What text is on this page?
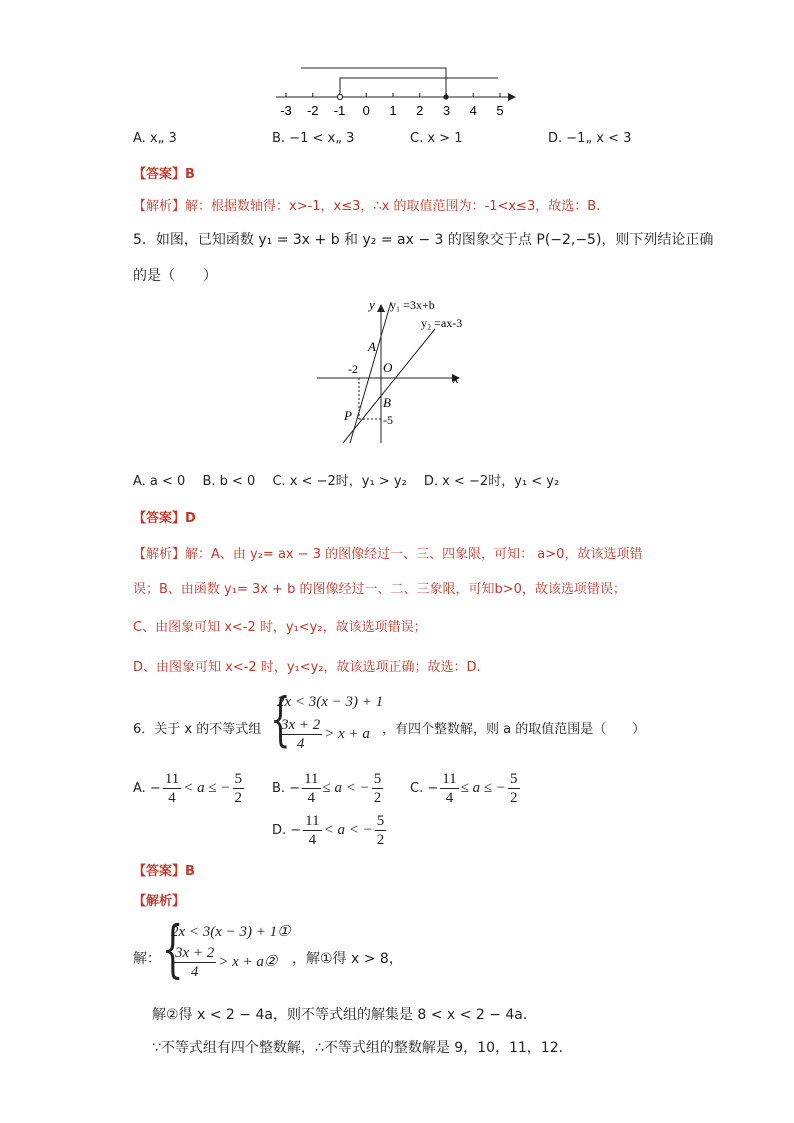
-3 -2 -1 0 1 2 3 4 5
A. x„ 3	B. −1 < x„ 3	C. x > 1	D. −1„ x < 3
【答案】B
【解析】解：根据数轴得：x>-1，x≤3，∴x 的取值范围为：-1<x≤3，故选：B.
5．如图，已知函数 y₁ = 3x + b 和 y₂ = ax − 3 的图象交于点 P(−2,−5)，则下列结论正确
的是（　　）
y y₁ =3x+b
y₂ =ax-3
A
O
x
-2
B
P	-5
A. a < 0　 B. b < 0　 C. x < −2时，y₁ > y₂　 D. x < −2时，y₁ < y₂
【答案】D
【解析】解：A、由 y₂= ax − 3 的图像经过一、三、四象限，可知： a>0，故该选项错
误；B、由函数 y₁= 3x + b 的图像经过一、二、三象限，可知b>0，故该选项错误；
C、由图象可知 x<-2 时，y₁<y₂，故该选项错误；
D、由图象可知 x<-2 时，y₁<y₂，故该选项正确；故选：D.
6．关于 x 的不等式组 {
2x < 3(x − 3) + 1
$\frac{3x + 2}{4} > x + a$ ，有四个整数解，则 a 的取值范围是（　　）
A. − $\frac{11}{4} < a$ ≤ − $\frac{5}{2} B$. − $\frac{11}{4} \le a$ < − $\frac{5}{2} C$. − $\frac{11}{4} \le a$ ≤ − $\frac{5}{2}$
D. − $\frac{11}{4} < a$ < − $\frac{5}{2}$
【答案】B
【解析】
解： {
2x < 3(x − 3) + 1①
$\frac{3x + 2}{4} > x$ + a② ，解①得 x > 8，
解②得 x < 2 − 4a，则不等式组的解集是 8 < x < 2 − 4a．
∵不等式组有四个整数解，∴不等式组的整数解是 9，10，11，12．
